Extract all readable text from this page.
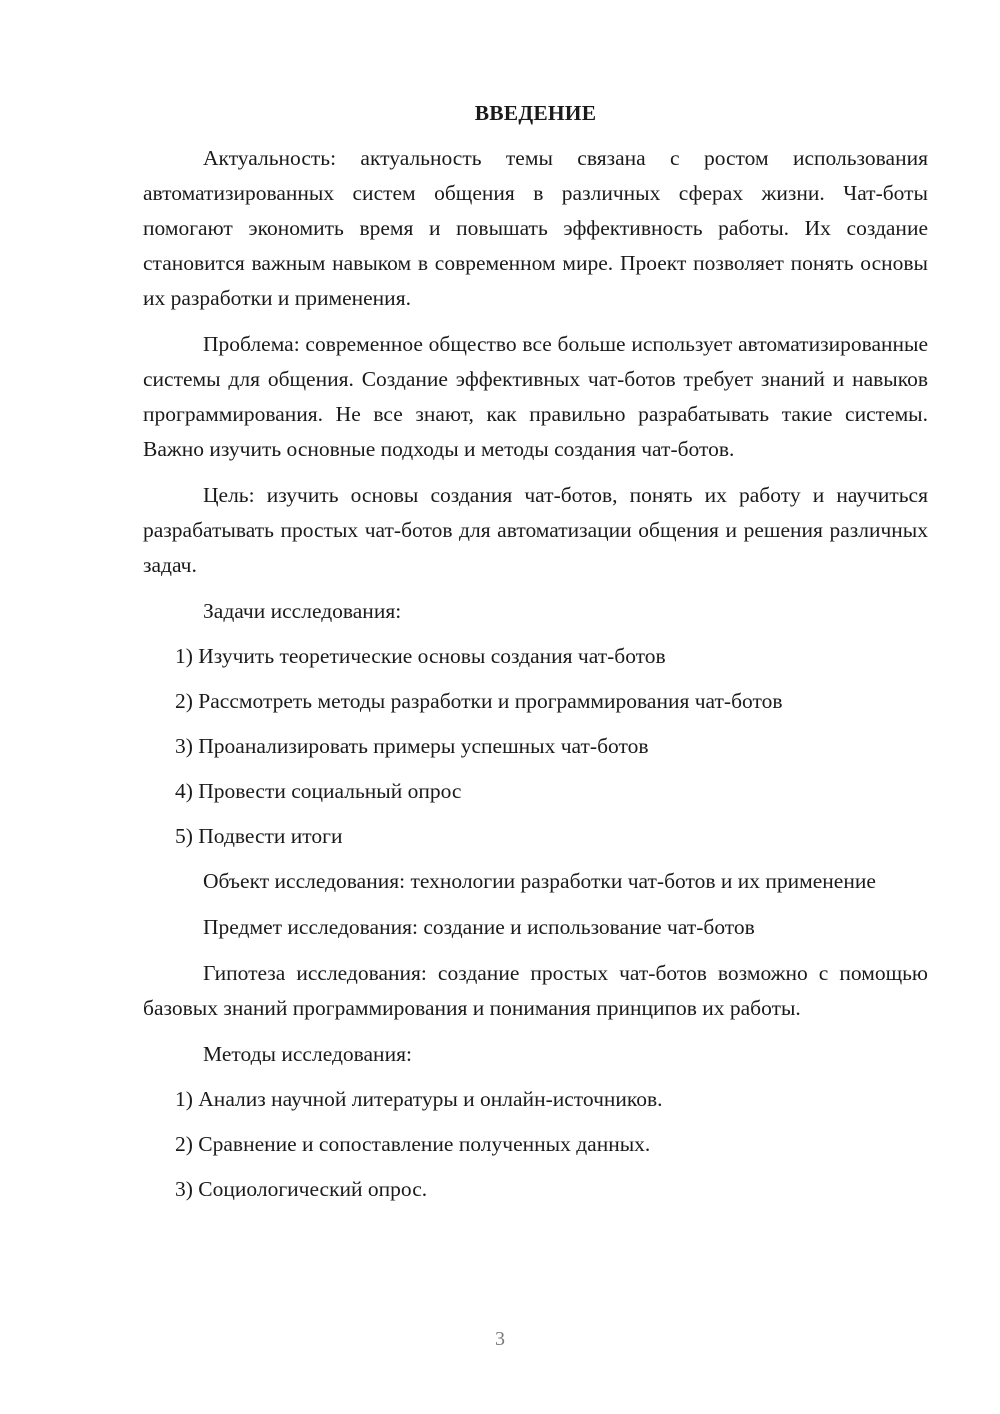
ВВЕДЕНИЕ

Актуальность: актуальность темы связана с ростом использования автоматизированных систем общения в различных сферах жизни. Чат-боты помогают экономить время и повышать эффективность работы. Их создание становится важным навыком в современном мире. Проект позволяет понять основы их разработки и применения.

Проблема: современное общество все больше использует автоматизированные системы для общения. Создание эффективных чат-ботов требует знаний и навыков программирования. Не все знают, как правильно разрабатывать такие системы. Важно изучить основные подходы и методы создания чат-ботов.

Цель: изучить основы создания чат-ботов, понять их работу и научиться разрабатывать простых чат-ботов для автоматизации общения и решения различных задач.

Задачи исследования:

1) Изучить теоретические основы создания чат-ботов
2) Рассмотреть методы разработки и программирования чат-ботов
3) Проанализировать примеры успешных чат-ботов
4) Провести социальный опрос
5) Подвести итоги

Объект исследования: технологии разработки чат-ботов и их применение

Предмет исследования: создание и использование чат-ботов

Гипотеза исследования: создание простых чат-ботов возможно с помощью базовых знаний программирования и понимания принципов их работы.

Методы исследования:

1) Анализ научной литературы и онлайн-источников.
2) Сравнение и сопоставление полученных данных.
3) Социологический опрос.
3
